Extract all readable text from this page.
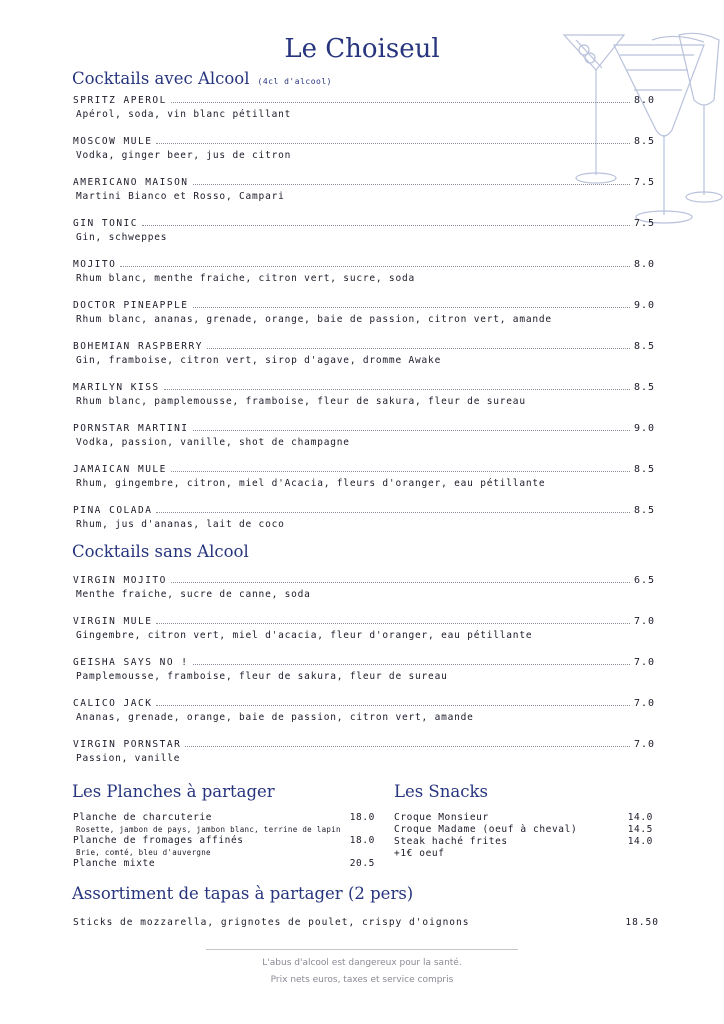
Le Choiseul
Cocktails avec Alcool (4cl d'alcool)
SPRITZ APEROL	8.0
Apérol, soda, vin blanc pétillant
MOSCOW MULE	8.5
Vodka, ginger beer, jus de citron
AMERICANO MAISON	7.5
Martini Bianco et Rosso, Campari
GIN TONIC	7.5
Gin, schweppes
MOJITO	8.0
Rhum blanc, menthe fraiche, citron vert, sucre, soda
DOCTOR PINEAPPLE	9.0
Rhum blanc, ananas, grenade, orange, baie de passion, citron vert, amande
BOHEMIAN RASPBERRY	8.5
Gin, framboise, citron vert, sirop d'agave, dromme Awake
MARILYN KISS	8.5
Rhum blanc, pamplemousse, framboise, fleur de sakura, fleur de sureau
PORNSTAR MARTINI	9.0
Vodka, passion, vanille, shot de champagne
JAMAICAN MULE	8.5
Rhum, gingembre, citron, miel d'Acacia, fleurs d'oranger, eau pétillante
PINA COLADA	8.5
Rhum, jus d'ananas, lait de coco
Cocktails sans Alcool
VIRGIN MOJITO	6.5
Menthe fraiche, sucre de canne, soda
VIRGIN MULE	7.0
Gingembre, citron vert, miel d'acacia, fleur d'oranger, eau pétillante
GEISHA SAYS NO !	7.0
Pamplemousse, framboise, fleur de sakura, fleur de sureau
CALICO JACK	7.0
Ananas, grenade, orange, baie de passion, citron vert, amande
VIRGIN PORNSTAR	7.0
Passion, vanille
Les Planches à partager
Planche de charcuterie	18.0
Rosette, jambon de pays, jambon blanc, terrine de lapin
Planche de fromages affinés	18.0
Brie, comté, bleu d'auvergne
Planche mixte	20.5
Les Snacks
Croque Monsieur	14.0
Croque Madame (oeuf à cheval)	14.5
Steak haché frites	14.0
+1€ oeuf
Assortiment de tapas à partager (2 pers)
Sticks de mozzarella, grignotes de poulet, crispy d'oignons	18.50
L'abus d'alcool est dangereux pour la santé.
Prix nets euros, taxes et service compris
